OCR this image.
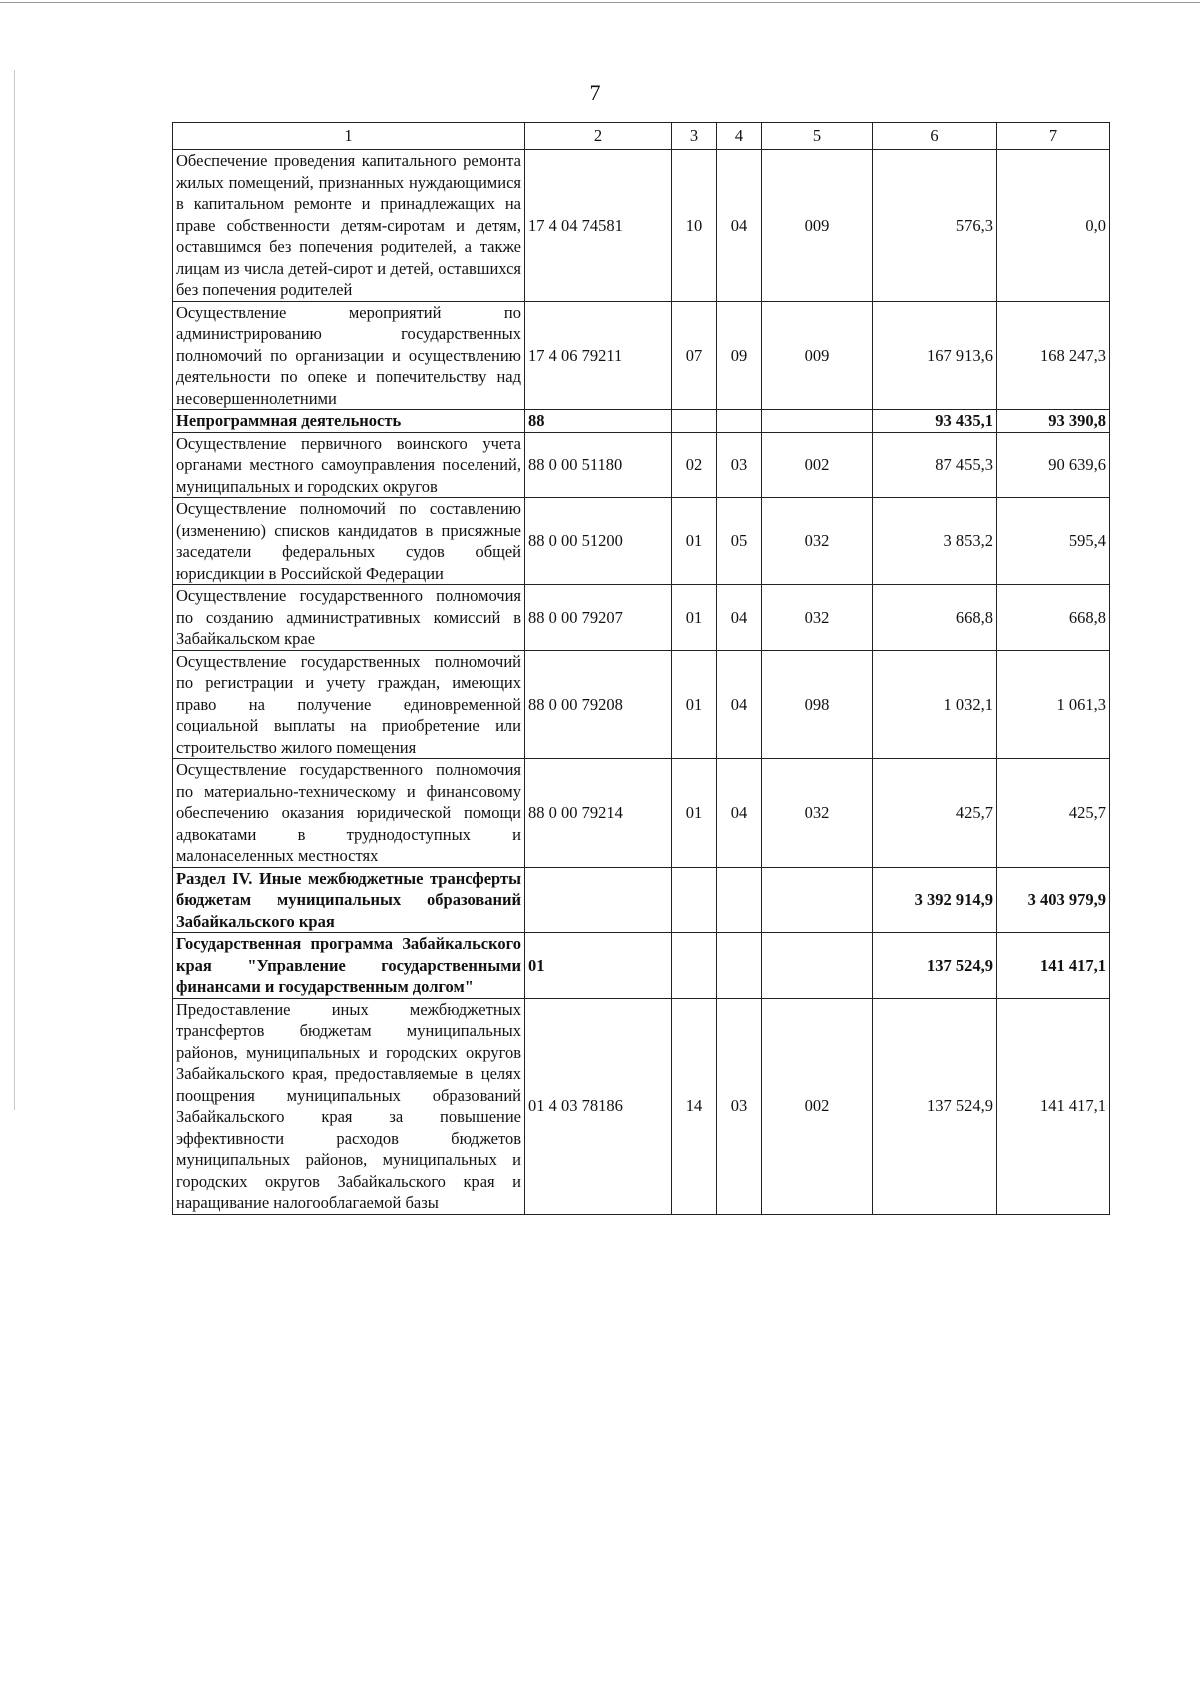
7
1	2	3	4	5	6	7
Обеспечение проведения капитального ремонта жилых помещений, признанных нуждающимися в капитальном ремонте и принадлежащих на праве собственности детям-сиротам и детям, оставшимся без попечения родителей, а также лицам из числа детей-сирот и детей, оставшихся без попечения родителей	17 4 04 74581	10	04	009	576,3	0,0
Осуществление мероприятий по администрированию государственных полномочий по организации и осуществлению деятельности по опеке и попечительству над несовершеннолетними	17 4 06 79211	07	09	009	167 913,6	168 247,3
Непрограммная деятельность	88				93 435,1	93 390,8
Осуществление первичного воинского учета органами местного самоуправления поселений, муниципальных и городских округов	88 0 00 51180	02	03	002	87 455,3	90 639,6
Осуществление полномочий по составлению (изменению) списков кандидатов в присяжные заседатели федеральных судов общей юрисдикции в Российской Федерации	88 0 00 51200	01	05	032	3 853,2	595,4
Осуществление государственного полномочия по созданию административных комиссий в Забайкальском крае	88 0 00 79207	01	04	032	668,8	668,8
Осуществление государственных полномочий по регистрации и учету граждан, имеющих право на получение единовременной социальной выплаты на приобретение или строительство жилого помещения	88 0 00 79208	01	04	098	1 032,1	1 061,3
Осуществление государственного полномочия по материально-техническому и финансовому обеспечению оказания юридической помощи адвокатами в труднодоступных и малонаселенных местностях	88 0 00 79214	01	04	032	425,7	425,7
Раздел IV. Иные межбюджетные трансферты бюджетам муниципальных образований Забайкальского края					3 392 914,9	3 403 979,9
Государственная программа Забайкальского края "Управление государственными финансами и государственным долгом"	01				137 524,9	141 417,1
Предоставление иных межбюджетных трансфертов бюджетам муниципальных районов, муниципальных и городских округов Забайкальского края, предоставляемые в целях поощрения муниципальных образований Забайкальского края за повышение эффективности расходов бюджетов муниципальных районов, муниципальных и городских округов Забайкальского края и наращивание налогооблагаемой базы	01 4 03 78186	14	03	002	137 524,9	141 417,1
